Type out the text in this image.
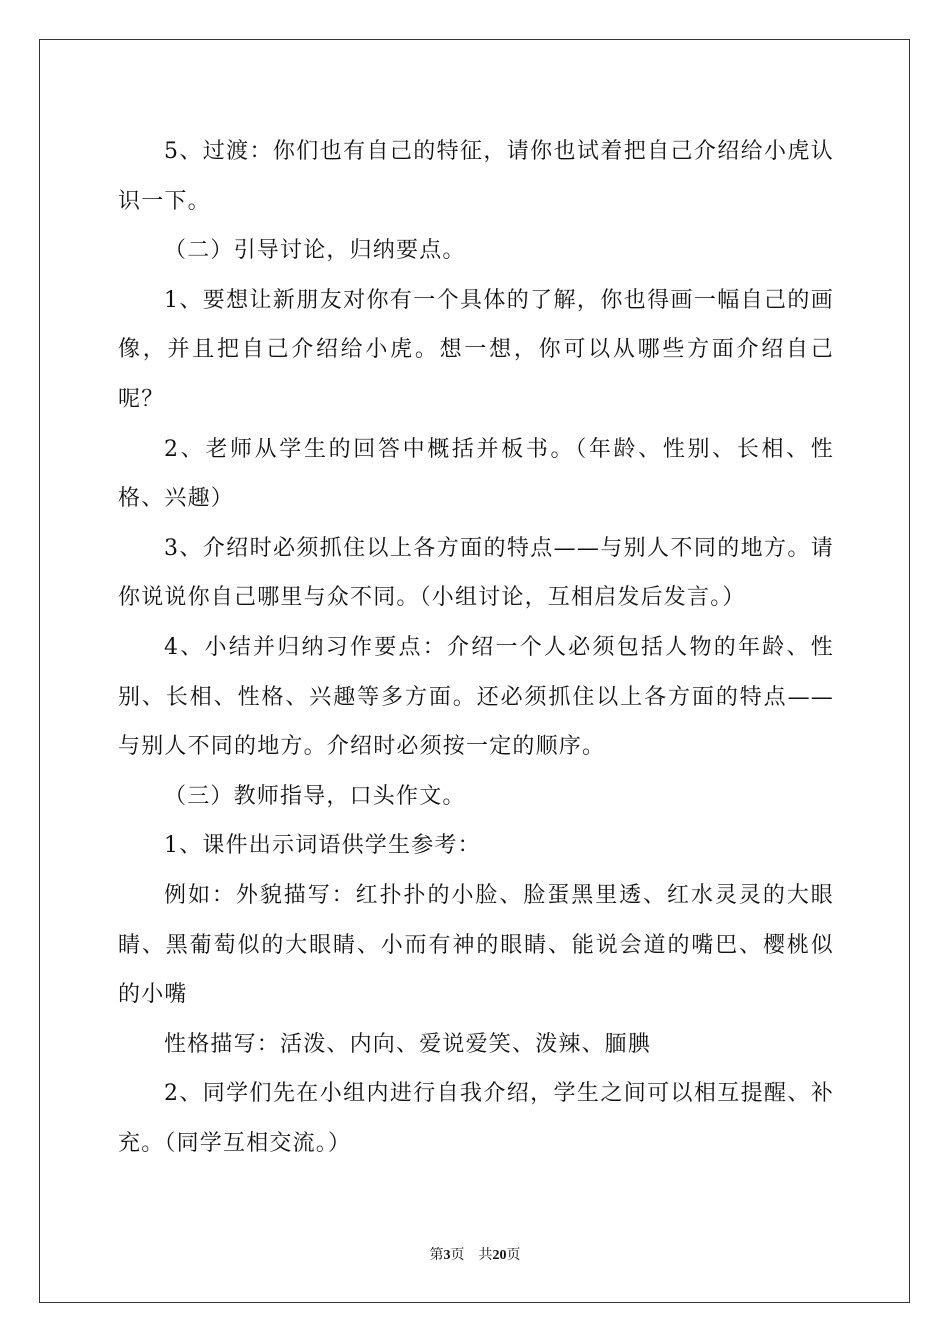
5、过渡：你们也有自己的特征，请你也试着把自己介绍给小虎认识一下。

（二）引导讨论，归纳要点。

1、要想让新朋友对你有一个具体的了解，你也得画一幅自己的画像，并且把自己介绍给小虎。想一想，你可以从哪些方面介绍自己呢？

2、老师从学生的回答中概括并板书。（年龄、性别、长相、性格、兴趣）

3、介绍时必须抓住以上各方面的特点——与别人不同的地方。请你说说你自己哪里与众不同。（小组讨论，互相启发后发言。）

4、小结并归纳习作要点：介绍一个人必须包括人物的年龄、性别、长相、性格、兴趣等多方面。还必须抓住以上各方面的特点——与别人不同的地方。介绍时必须按一定的顺序。

（三）教师指导，口头作文。

1、课件出示词语供学生参考：

例如：外貌描写：红扑扑的小脸、脸蛋黑里透、红水灵灵的大眼睛、黑葡萄似的大眼睛、小而有神的眼睛、能说会道的嘴巴、樱桃似的小嘴

性格描写：活泼、内向、爱说爱笑、泼辣、腼腆

2、同学们先在小组内进行自我介绍，学生之间可以相互提醒、补充。（同学互相交流。）

第3页 共20页
